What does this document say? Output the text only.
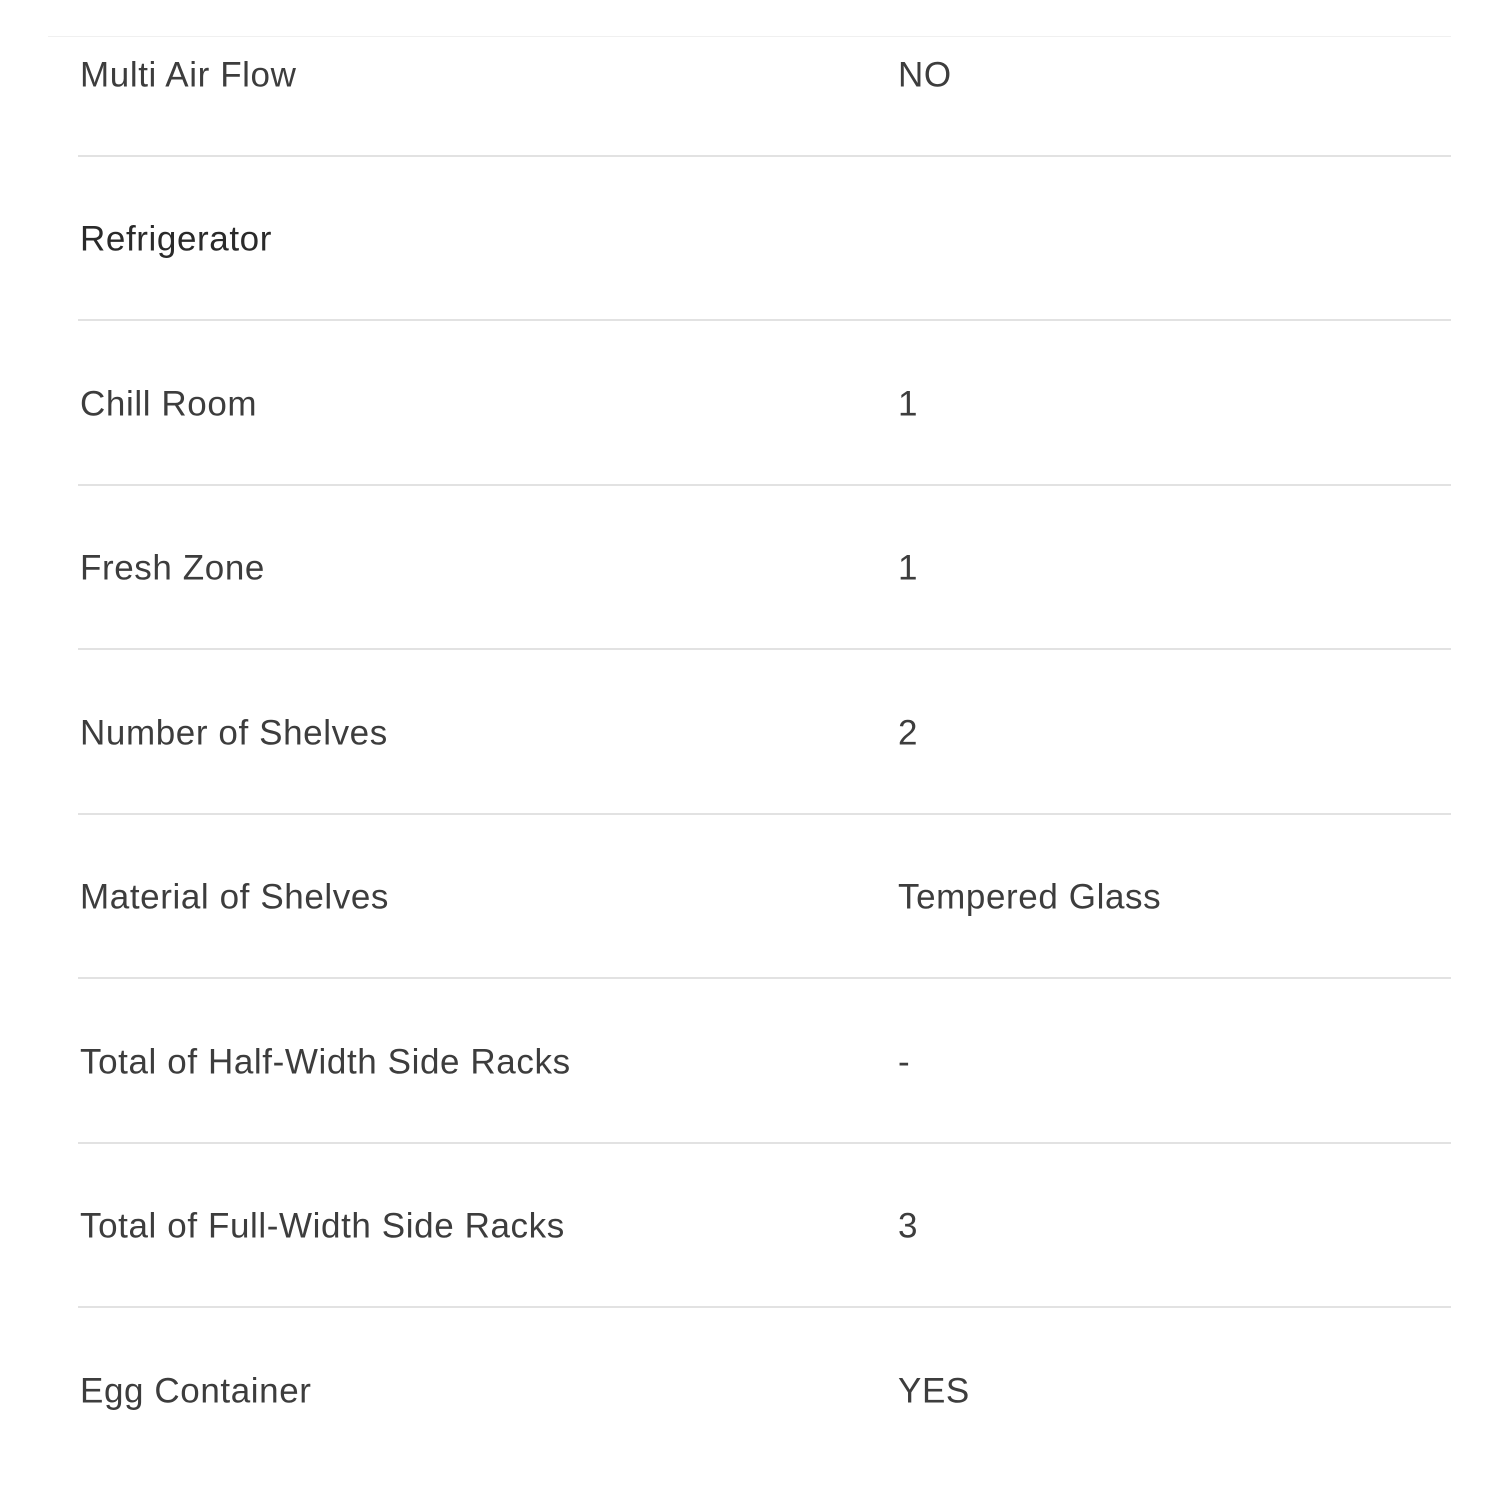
Multi Air Flow	NO
Refrigerator
Chill Room	1
Fresh Zone	1
Number of Shelves	2
Material of Shelves	Tempered Glass
Total of Half-Width Side Racks	-
Total of Full-Width Side Racks	3
Egg Container	YES
